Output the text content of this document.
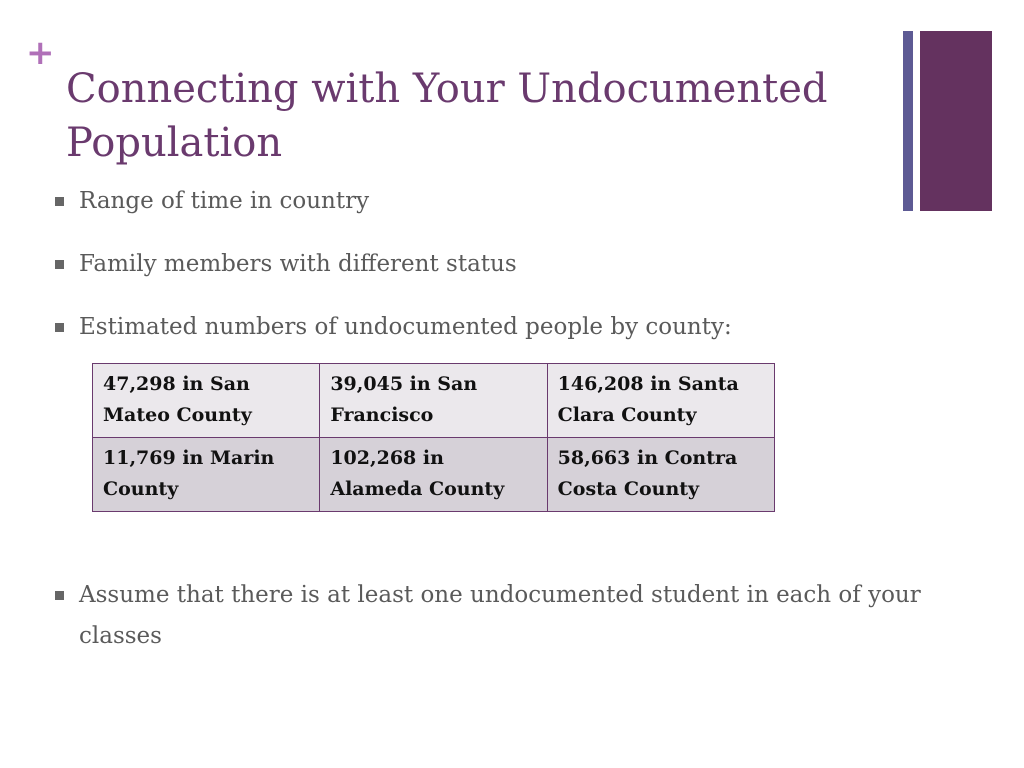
+
Connecting with Your Undocumented Population
Range of time in country
Family members with different status
Estimated numbers of undocumented people by county:
47,298 in San Mateo County	39,045 in San Francisco	146,208 in Santa Clara County
11,769 in Marin County	102,268 in Alameda County	58,663 in Contra Costa County
Assume that there is at least one undocumented student in each of your classes
